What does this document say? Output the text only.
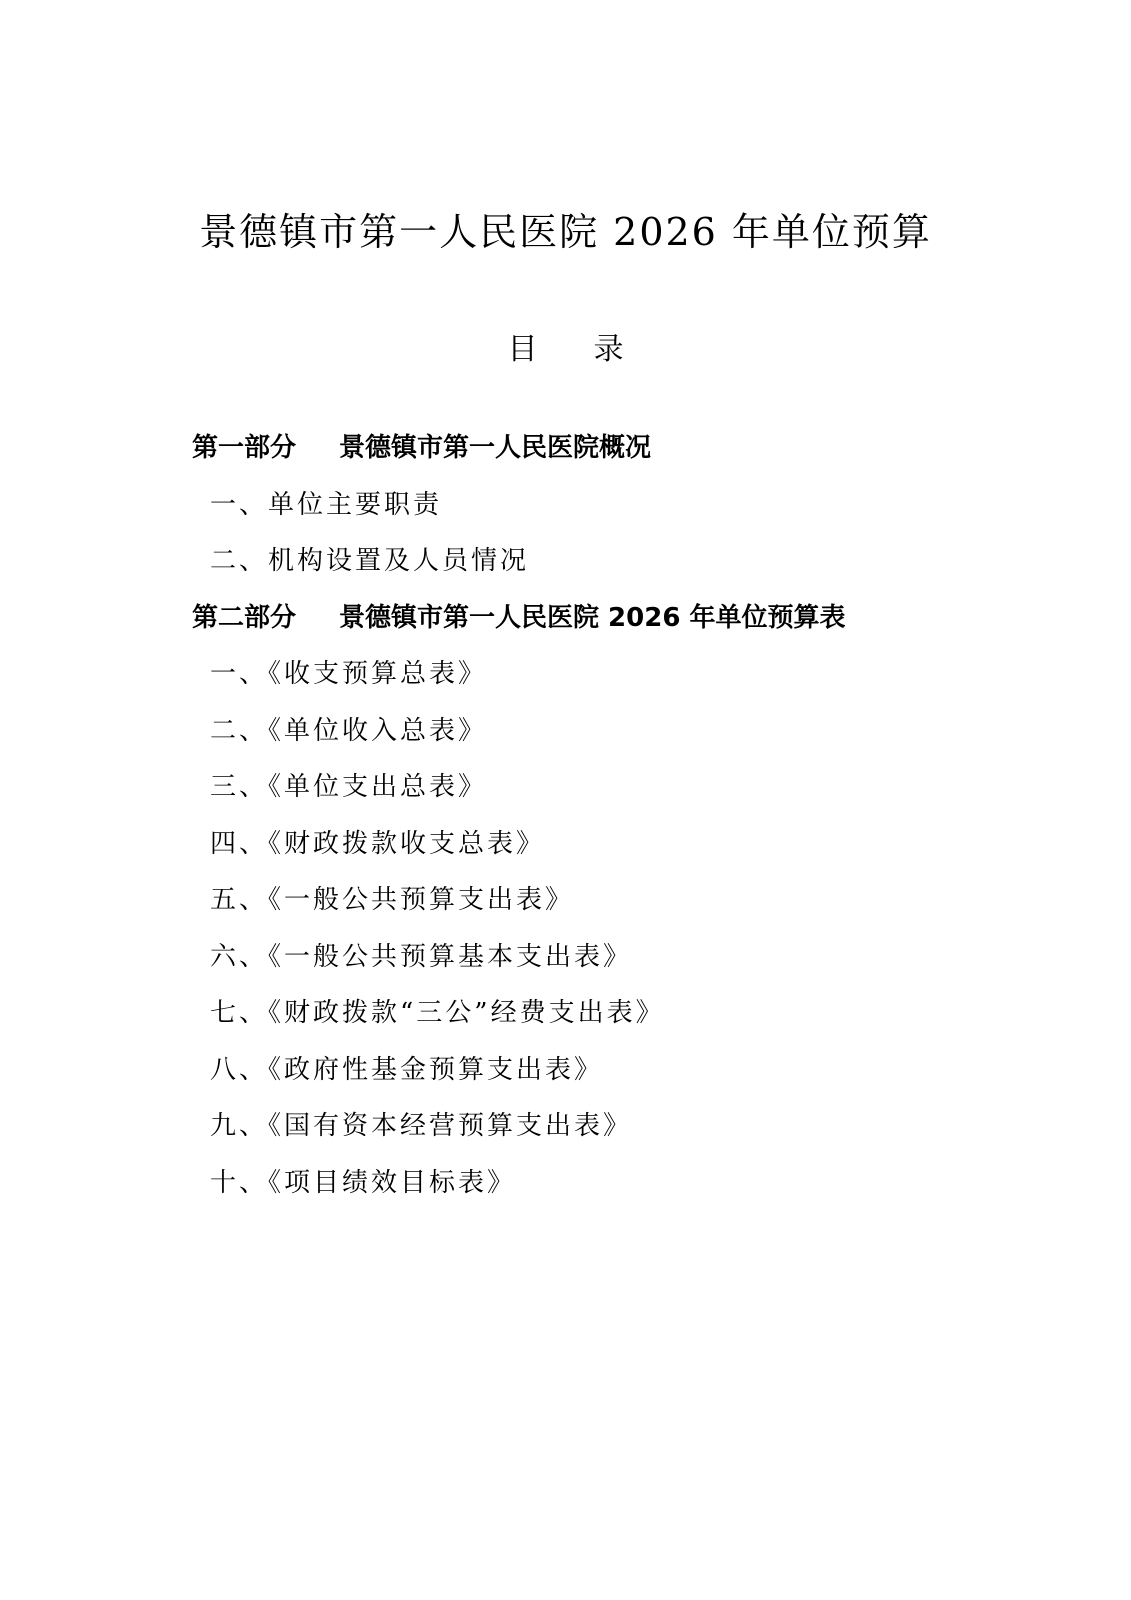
景德镇市第一人民医院 2026 年单位预算
目录
第一部分 景德镇市第一人民医院概况
一、单位主要职责
二、机构设置及人员情况
第二部分 景德镇市第一人民医院 2026 年单位预算表
一、《收支预算总表》
二、《单位收入总表》
三、《单位支出总表》
四、《财政拨款收支总表》
五、《一般公共预算支出表》
六、《一般公共预算基本支出表》
七、《财政拨款“三公”经费支出表》
八、《政府性基金预算支出表》
九、《国有资本经营预算支出表》
十、《项目绩效目标表》
